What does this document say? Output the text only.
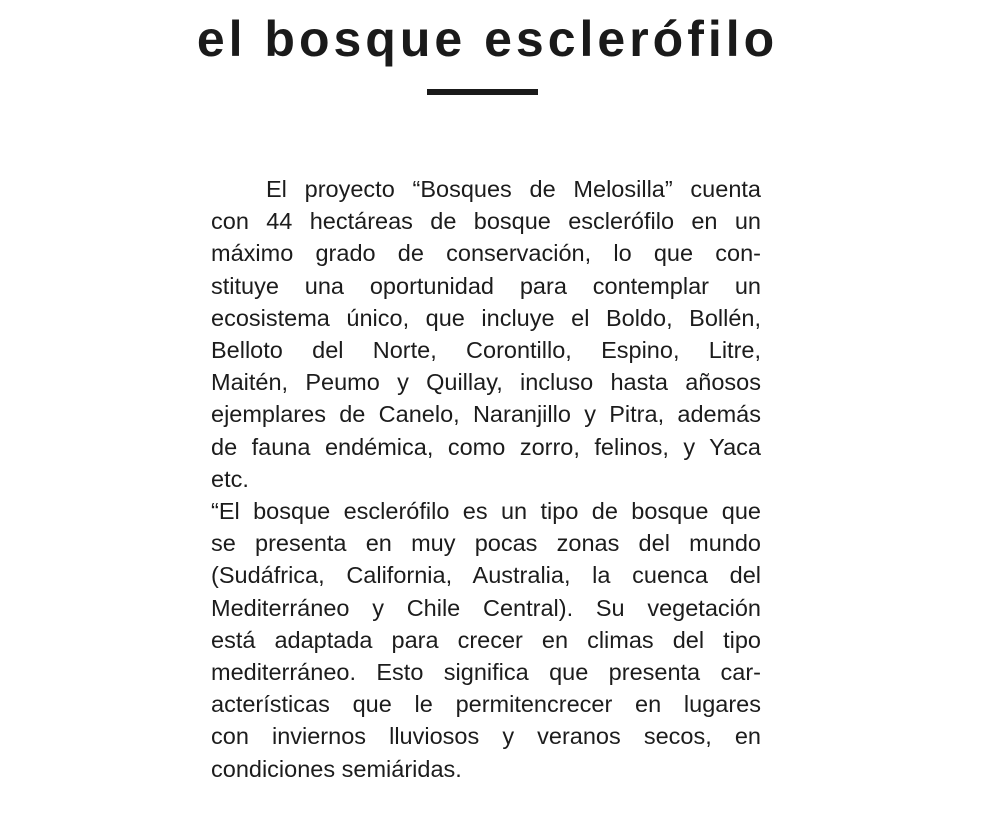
el bosque esclerófilo

El proyecto “Bosques de Melosilla” cuenta
con 44 hectáreas de bosque esclerófilo en un
máximo grado de conservación, lo que con-
stituye una oportunidad para contemplar un
ecosistema único, que incluye el Boldo, Bollén,
Belloto del Norte, Corontillo, Espino, Litre,
Maitén, Peumo y Quillay, incluso hasta añosos
ejemplares de Canelo, Naranjillo y Pitra, además
de fauna endémica, como zorro, felinos, y Yaca
etc.

“El bosque esclerófilo es un tipo de bosque que
se presenta en muy pocas zonas del mundo
(Sudáfrica, California, Australia, la cuenca del
Mediterráneo y Chile Central). Su vegetación
está adaptada para crecer en climas del tipo
mediterráneo. Esto significa que presenta car-
acterísticas que le permitencrecer en lugares
con inviernos lluviosos y veranos secos, en
condiciones semiáridas.
